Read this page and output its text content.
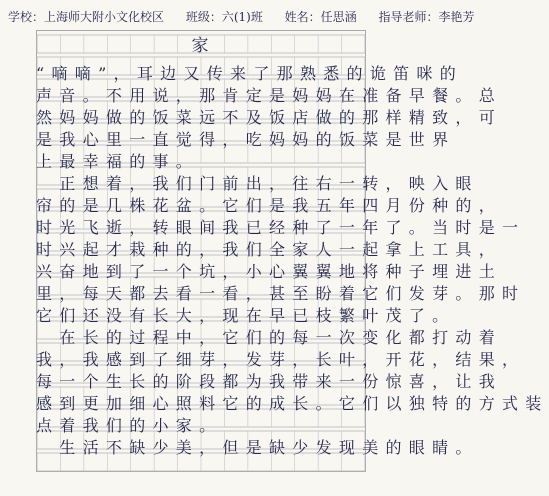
学校：上海师大附小文化校区 班级：六(1)班 姓名：任思涵 指导老师：李艳芳
家
“嘀嘀”，耳边又传来了那熟悉的诡笛咪的
声音。不用说，那肯定是妈妈在准备早餐。总
然妈妈做的饭菜远不及饭店做的那样精致，可
是我心里一直觉得，吃妈妈的饭菜是世界
上最幸福的事。
　正想着，我们门前出，往右一转，映入眼
帘的是几株花盆。它们是我五年四月份种的，
时光飞逝，转眼间我已经种了一年了。当时是一
时兴起才栽种的，我们全家人一起拿上工具，
兴奋地到了一个坑，小心翼翼地将种子埋进土
里，每天都去看一看，甚至盼着它们发芽。那时
它们还没有长大，现在早已枝繁叶茂了。
　在长的过程中，它们的每一次变化都打动着
我，我感到了细芽，发芽，长叶，开花，结果，
每一个生长的阶段都为我带来一份惊喜，让我
感到更加细心照料它的成长。它们以独特的方式装
点着我们的小家。
　生活不缺少美，但是缺少发现美的眼睛。
